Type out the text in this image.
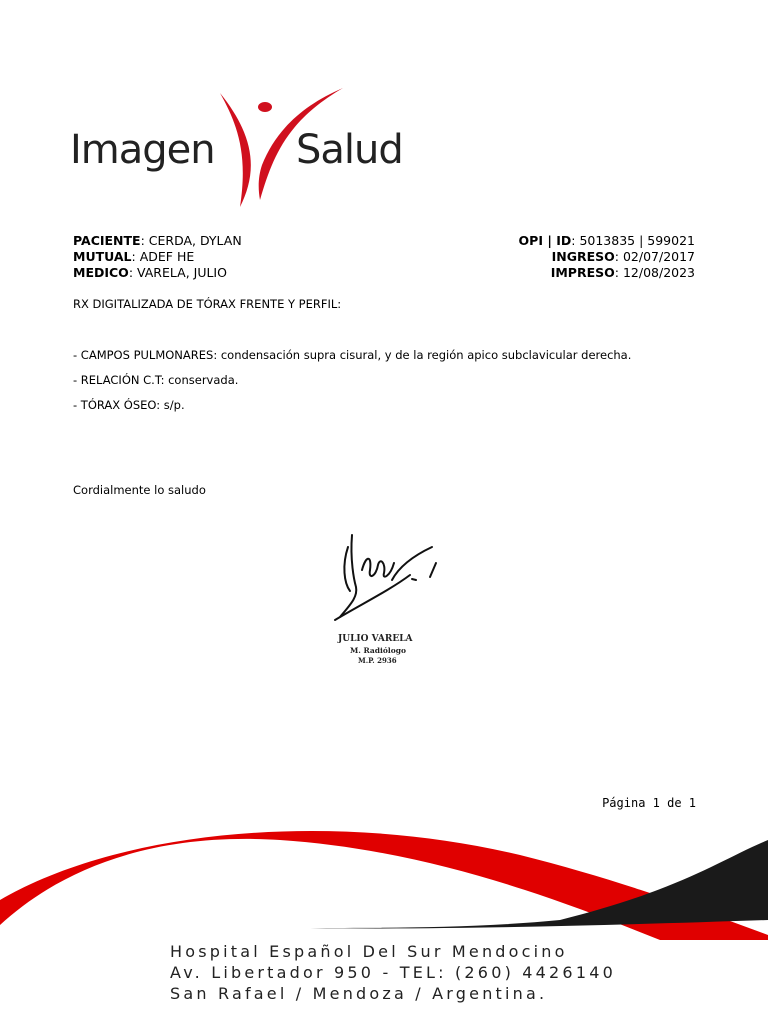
Imagen Salud
PACIENTE: CERDA, DYLAN
MUTUAL: ADEF HE
MEDICO: VARELA, JULIO
OPI | ID: 5013835 | 599021
INGRESO: 02/07/2017
IMPRESO: 12/08/2023
RX DIGITALIZADA DE TÓRAX FRENTE Y PERFIL:
- CAMPOS PULMONARES: condensación supra cisural, y de la región apico subclavicular derecha.
- RELACIÓN C.T: conservada.
- TÓRAX ÓSEO: s/p.
Cordialmente lo saludo
JULIO VARELA
M. Radiólogo
M.P. 2936
Página 1 de 1
Hospital Español Del Sur Mendocino
Av. Libertador 950 - TEL: (260) 4426140
San Rafael / Mendoza / Argentina.
